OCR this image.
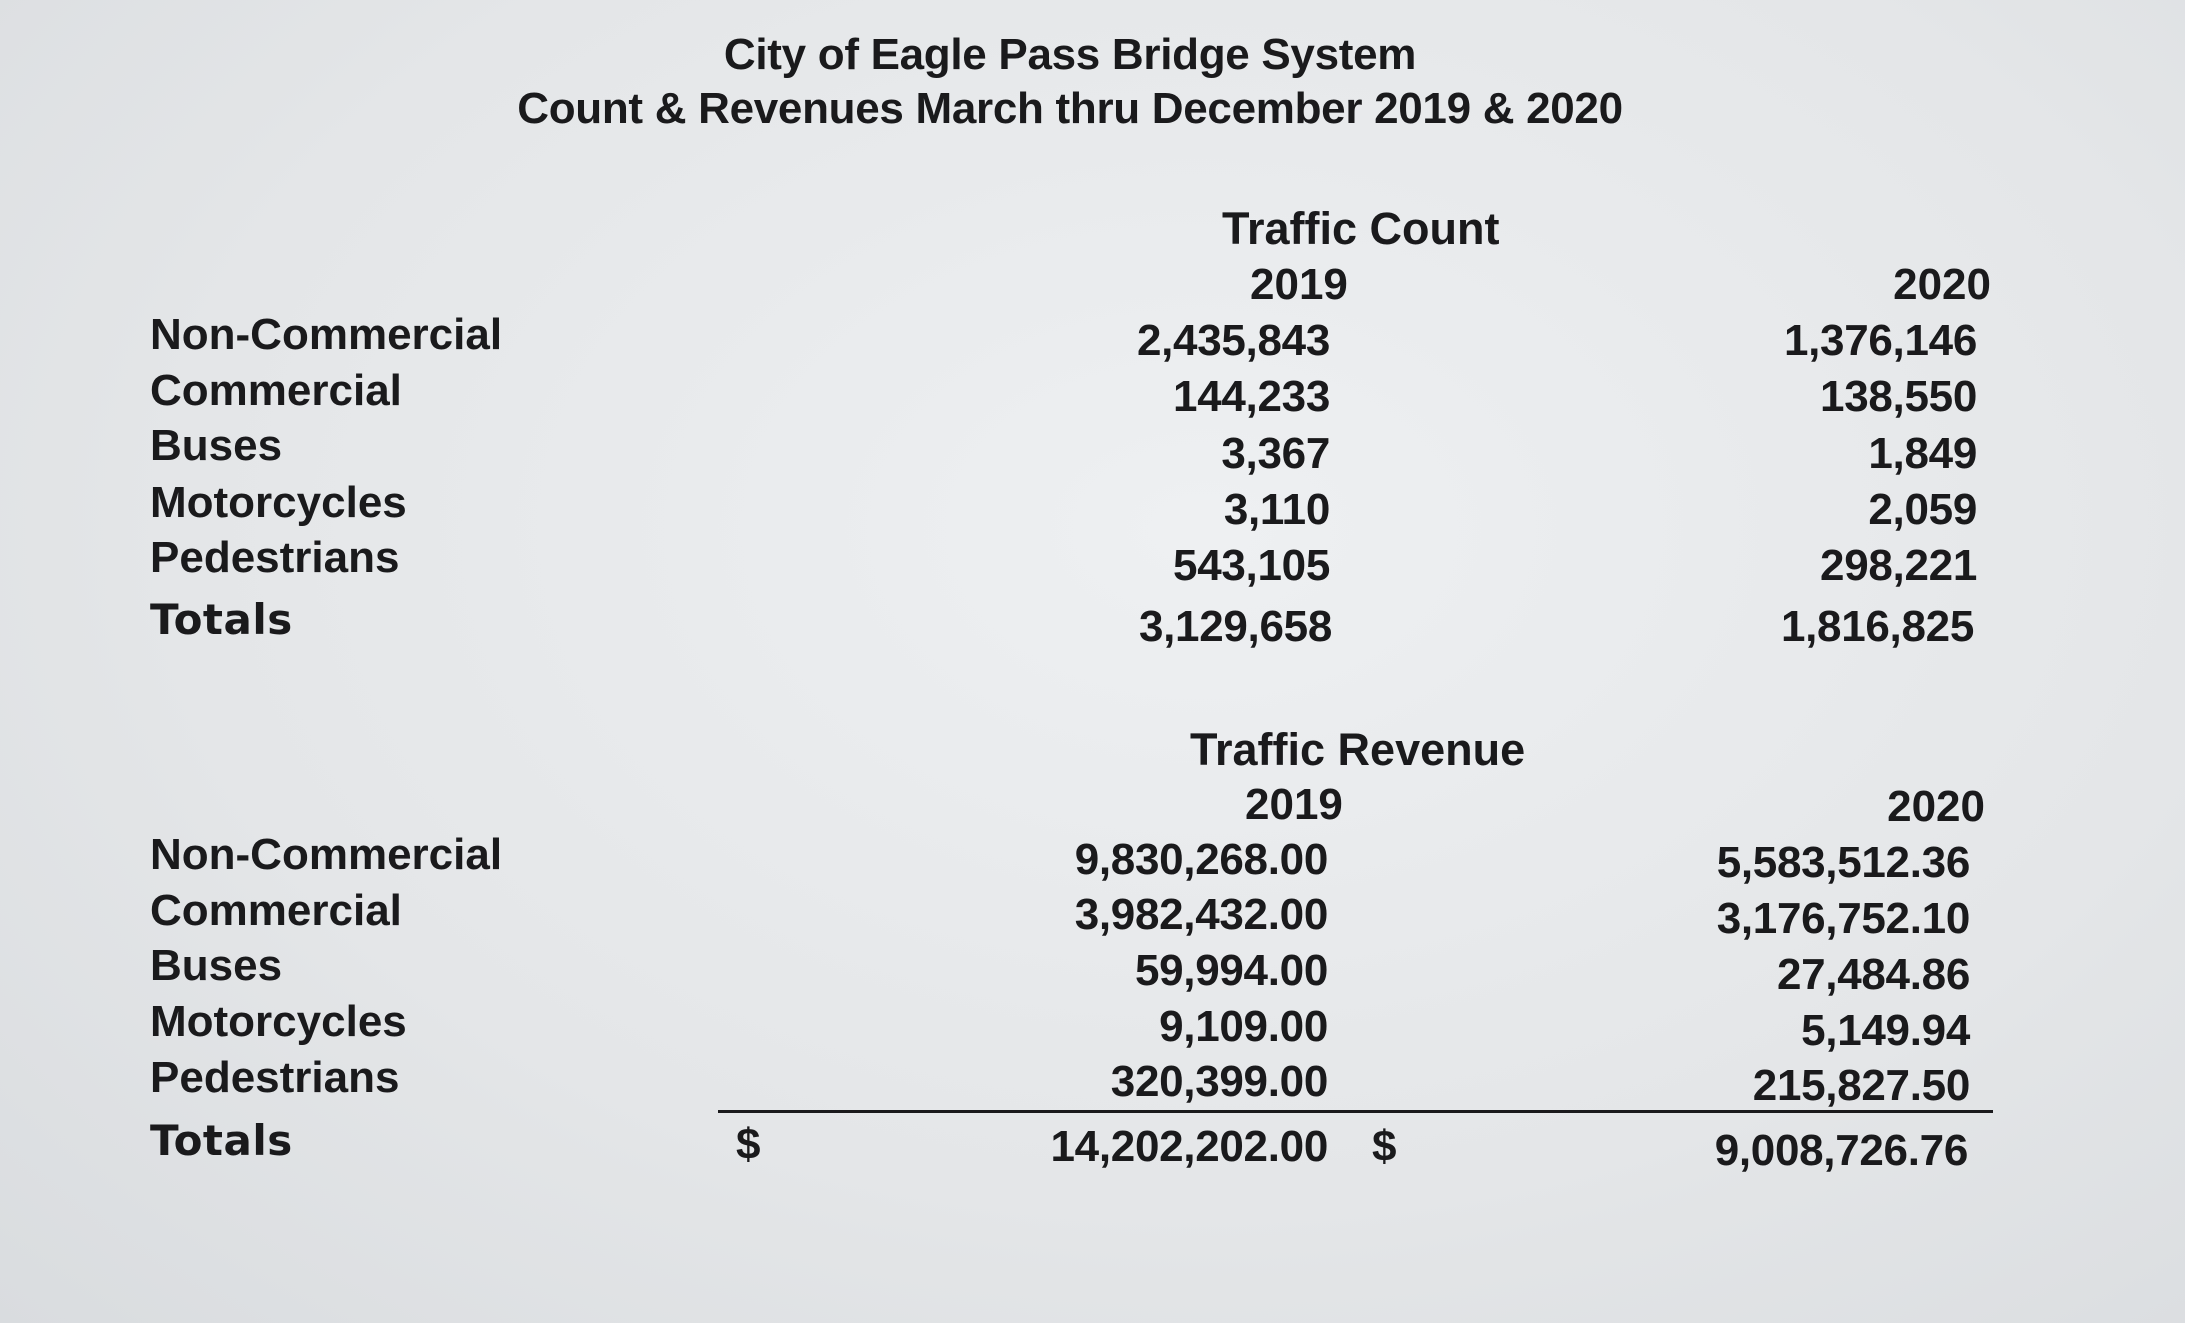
City of Eagle Pass Bridge System
Count & Revenues March thru December 2019 & 2020
Traffic Count
2019	2020
Non-Commercial	2,435,843	1,376,146
Commercial	144,233	138,550
Buses	3,367	1,849
Motorcycles	3,110	2,059
Pedestrians	543,105	298,221
Totals	3,129,658	1,816,825
Traffic Revenue
2019	2020
Non-Commercial	9,830,268.00	5,583,512.36
Commercial	3,982,432.00	3,176,752.10
Buses	59,994.00	27,484.86
Motorcycles	9,109.00	5,149.94
Pedestrians	320,399.00	215,827.50
Totals	$	14,202,202.00 $	9,008,726.76
